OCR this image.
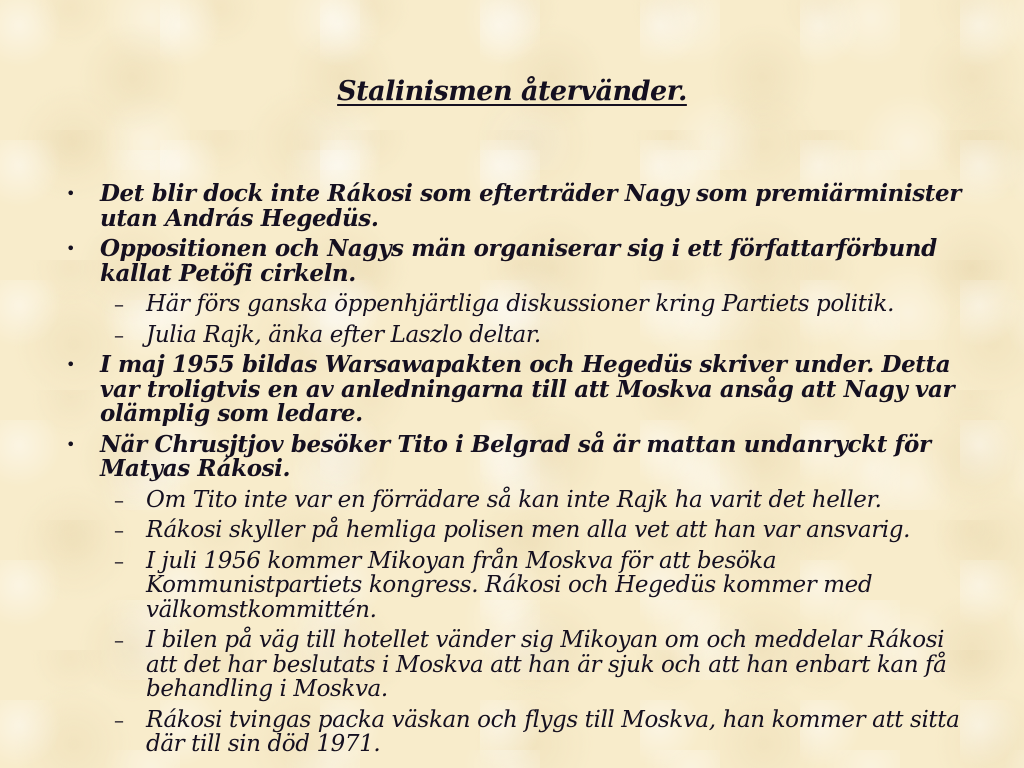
Stalinismen återvänder.
• Det blir dock inte Rákosi som efterträder Nagy som premiärminister utan András Hegedüs.
• Oppositionen och Nagys män organiserar sig i ett författarförbund kallat Petöfi cirkeln.
– Här förs ganska öppenhjärtliga diskussioner kring Partiets politik.
– Julia Rajk, änka efter Laszlo deltar.
• I maj 1955 bildas Warsawapakten och Hegedüs skriver under. Detta var troligtvis en av anledningarna till att Moskva ansåg att Nagy var olämplig som ledare.
• När Chrusjtjov besöker Tito i Belgrad så är mattan undanryckt för Matyas Rákosi.
– Om Tito inte var en förrädare så kan inte Rajk ha varit det heller.
– Rákosi skyller på hemliga polisen men alla vet att han var ansvarig.
– I juli 1956 kommer Mikoyan från Moskva för att besöka Kommunistpartiets kongress. Rákosi och Hegedüs kommer med välkomstkommittén.
– I bilen på väg till hotellet vänder sig Mikoyan om och meddelar Rákosi att det har beslutats i Moskva att han är sjuk och att han enbart kan få behandling i Moskva.
– Rákosi tvingas packa väskan och flygs till Moskva, han kommer att sitta där till sin död 1971.
